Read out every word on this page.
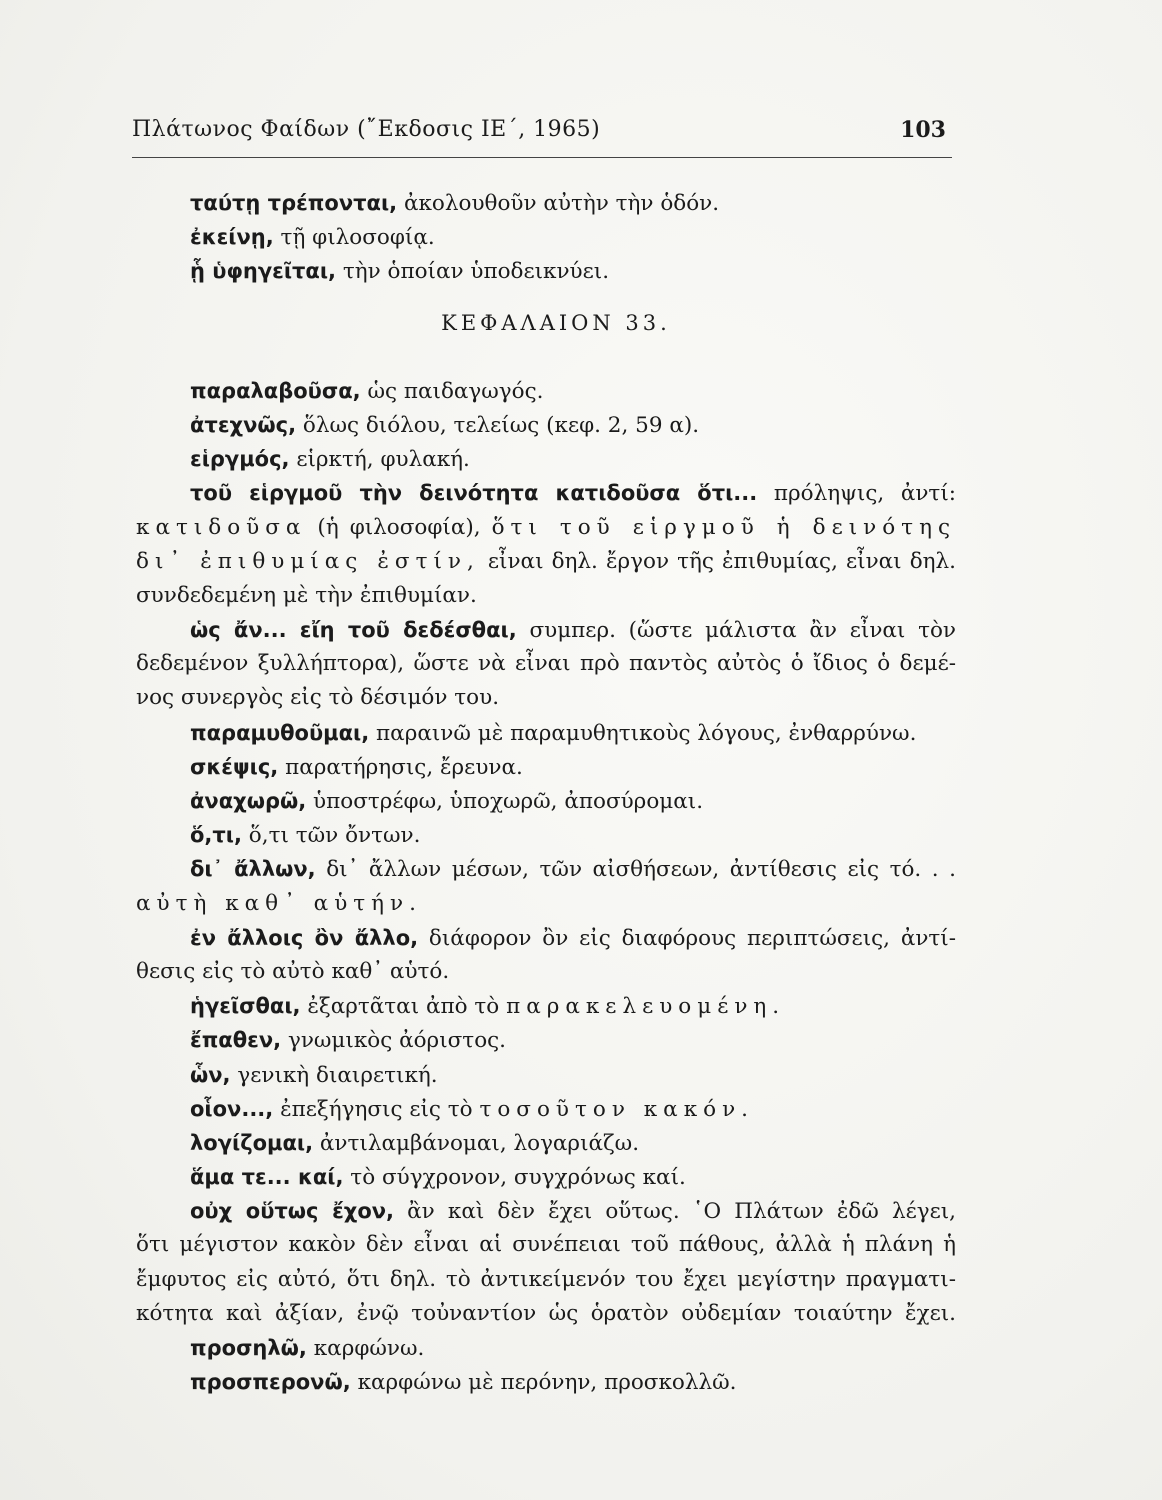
Πλάτωνος Φαίδων (῎Εκδοσις ΙΕ΄, 1965)	103
ταύτῃ τρέπονται, ἀκολουθοῦν αὐτὴν τὴν ὁδόν.
ἐκείνῃ, τῇ φιλοσοφίᾳ.
ᾗ ὑφηγεῖται, τὴν ὁποίαν ὑποδεικνύει.
ΚΕΦΑΛΑΙΟΝ 33.
παραλαβοῦσα, ὡς παιδαγωγός.
ἀτεχνῶς, ὅλως διόλου, τελείως (κεφ. 2, 59 α).
εἱργμός, εἱρκτή, φυλακή.
τοῦ εἱργμοῦ τὴν δεινότητα κατιδοῦσα ὅτι... πρόληψις, ἀντί:
κατιδοῦσα (ἡ φιλοσοφία), ὅτι τοῦ εἱργμοῦ ἡ δεινότης
δι᾿ ἐπιθυμίας ἐστίν, εἶναι δηλ. ἔργον τῆς ἐπιθυμίας, εἶναι δηλ.
συνδεδεμένη μὲ τὴν ἐπιθυμίαν.
ὡς ἄν... εἴη τοῦ δεδέσθαι, συμπερ. (ὥστε μάλιστα ἂν εἶναι τὸν
δεδεμένον ξυλλήπτορα), ὥστε νὰ εἶναι πρὸ παντὸς αὐτὸς ὁ ἴδιος ὁ δεμέ-
νος συνεργὸς εἰς τὸ δέσιμόν του.
παραμυθοῦμαι, παραινῶ μὲ παραμυθητικοὺς λόγους, ἐνθαρρύνω.
σκέψις, παρατήρησις, ἔρευνα.
ἀναχωρῶ, ὑποστρέφω, ὑποχωρῶ, ἀποσύρομαι.
ὅ,τι, ὅ,τι τῶν ὄντων.
δι᾿ ἄλλων, δι᾿ ἄλλων μέσων, τῶν αἰσθήσεων, ἀντίθεσις εἰς τό. . .
αὐτὴ καθ᾿ αὑτήν.
ἐν ἄλλοις ὂν ἄλλο, διάφορον ὂν εἰς διαφόρους περιπτώσεις, ἀντί-
θεσις εἰς τὸ αὐτὸ καθ᾿ αὑτό.
ἡγεῖσθαι, ἐξαρτᾶται ἀπὸ τὸ παρακελευομένη.
ἔπαθεν, γνωμικὸς ἀόριστος.
ὧν, γενικὴ διαιρετική.
οἷον..., ἐπεξήγησις εἰς τὸ τοσοῦτον κακόν.
λογίζομαι, ἀντιλαμβάνομαι, λογαριάζω.
ἅμα τε... καί, τὸ σύγχρονον, συγχρόνως καί.
οὐχ οὕτως ἔχον, ἂν καὶ δὲν ἔχει οὕτως. ῾Ο Πλάτων ἐδῶ λέγει,
ὅτι μέγιστον κακὸν δὲν εἶναι αἱ συνέπειαι τοῦ πάθους, ἀλλὰ ἡ πλάνη ἡ
ἔμφυτος εἰς αὐτό, ὅτι δηλ. τὸ ἀντικείμενόν του ἔχει μεγίστην πραγματι-
κότητα καὶ ἀξίαν, ἐνῷ τοὐναντίον ὡς ὁρατὸν οὐδεμίαν τοιαύτην ἔχει.
προσηλῶ, καρφώνω.
προσπερονῶ, καρφώνω μὲ περόνην, προσκολλῶ.
